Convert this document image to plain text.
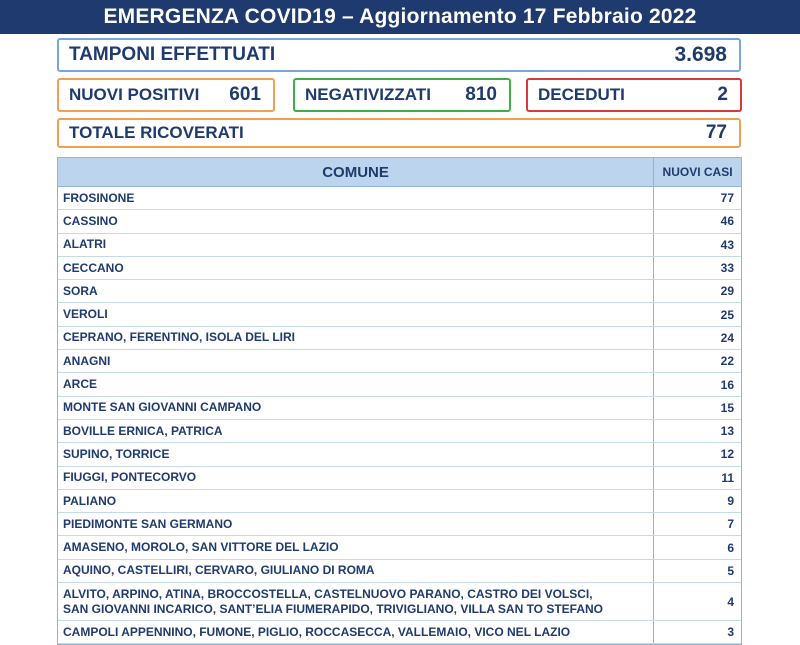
EMERGENZA COVID19 – Aggiornamento 17 Febbraio 2022
TAMPONI EFFETTUATI	3.698
NUOVI POSITIVI 601	NEGATIVIZZATI 810 DECEDUTI	2
TOTALE RICOVERATI	77
COMUNE	NUOVI CASI
FROSINONE	77
CASSINO	46
ALATRI	43
CECCANO	33
SORA	29
VEROLI	25
CEPRANO, FERENTINO, ISOLA DEL LIRI	24
ANAGNI	22
ARCE	16
MONTE SAN GIOVANNI CAMPANO	15
BOVILLE ERNICA, PATRICA	13
SUPINO, TORRICE	12
FIUGGI, PONTECORVO	11
PALIANO	9
PIEDIMONTE SAN GERMANO	7
AMASENO, MOROLO, SAN VITTORE DEL LAZIO	6
AQUINO, CASTELLIRI, CERVARO, GIULIANO DI ROMA	5
ALVITO, ARPINO, ATINA, BROCCOSTELLA, CASTELNUOVO PARANO, CASTRO DEI VOLSCI,
SAN GIOVANNI INCARICO, SANT’ELIA FIUMERAPIDO, TRIVIGLIANO, VILLA SAN TO STEFANO	4
CAMPOLI APPENNINO, FUMONE, PIGLIO, ROCCASECCA, VALLEMAIO, VICO NEL LAZIO	3
